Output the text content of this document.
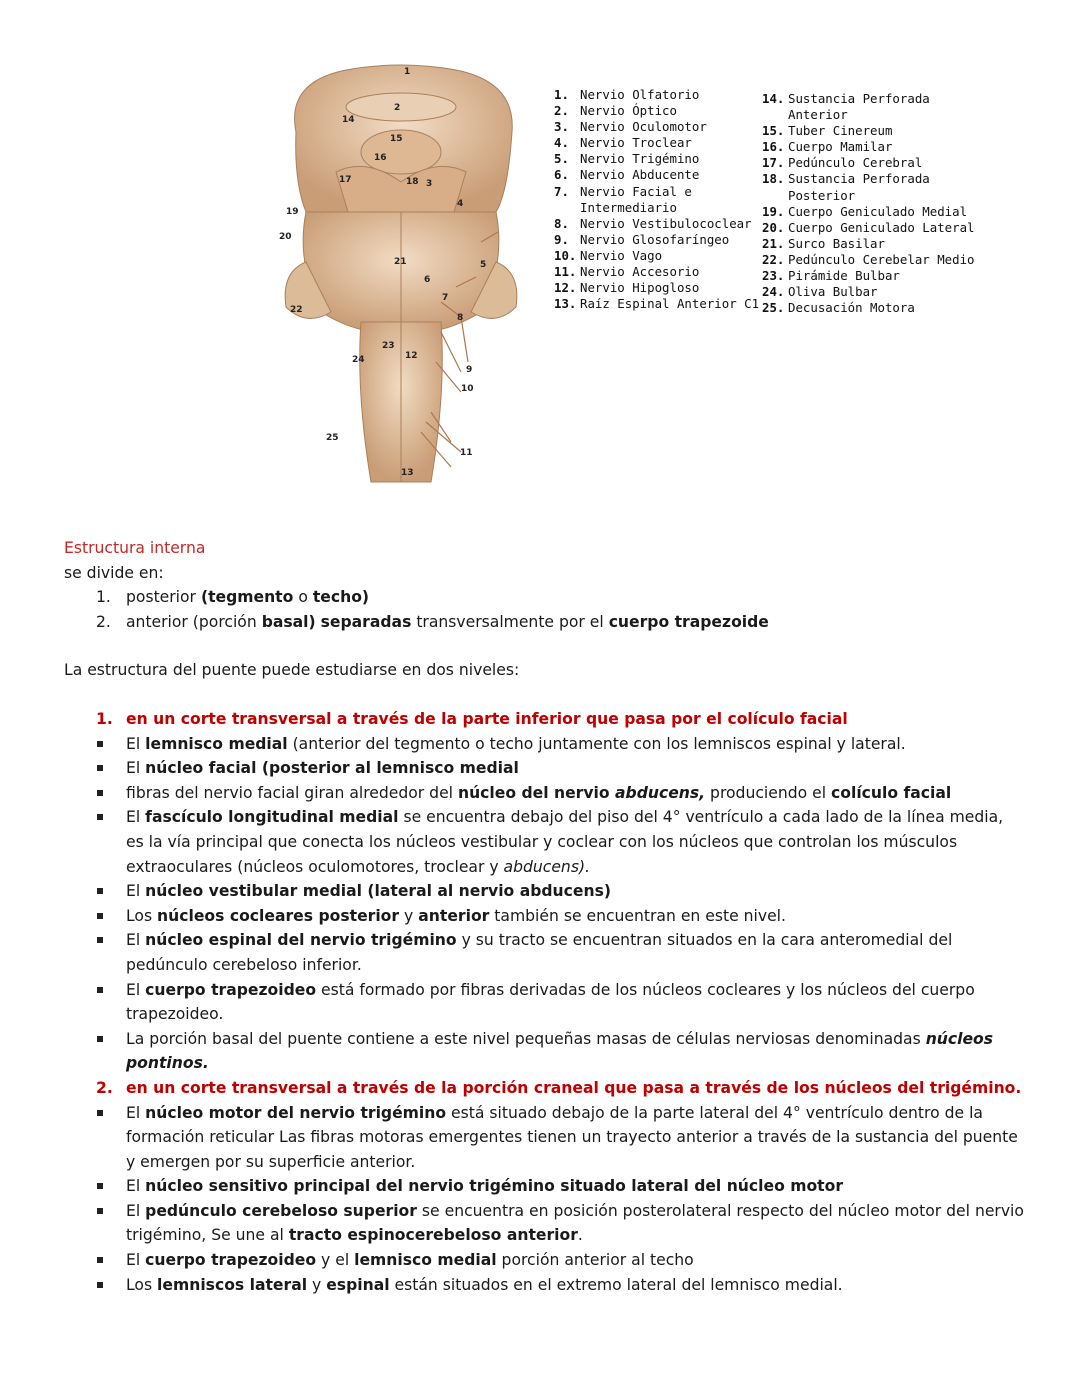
1
2
3
4
5
6
7
8
9
10
11
12
13
14
15
16
17	18
19
20
21
22
23
24
25
1. Nervio Olfatorio
2. Nervio Óptico
3. Nervio Oculomotor
4. Nervio Troclear
5. Nervio Trigémino
6. Nervio Abducente
7. Nervio Facial e
Intermediario
8. Nervio Vestibulococlear
9. Nervio Glosofaríngeo
10. Nervio Vago
11. Nervio Accesorio
12. Nervio Hipogloso
13. Raíz Espinal Anterior C1
14. Sustancia Perforada
Anterior
15. Tuber Cinereum
16. Cuerpo Mamilar
17. Pedúnculo Cerebral
18. Sustancia Perforada
Posterior
19. Cuerpo Geniculado Medial
20. Cuerpo Geniculado Lateral
21. Surco Basilar
22. Pedúnculo Cerebelar Medio
23. Pirámide Bulbar
24. Oliva Bulbar
25. Decusación Motora
Estructura interna
se divide en:
1. posterior (tegmento o techo)
2. anterior (porción basal) separadas transversalmente por el cuerpo trapezoide
La estructura del puente puede estudiarse en dos niveles:
1. en un corte transversal a través de la parte inferior que pasa por el colículo facial
El lemnisco medial (anterior del tegmento o techo juntamente con los lemniscos espinal y lateral.
El núcleo facial (posterior al lemnisco medial
fibras del nervio facial giran alrededor del núcleo del nervio abducens, produciendo el colículo facial
El fascículo longitudinal medial se encuentra debajo del piso del 4° ventrículo a cada lado de la línea media, es la vía principal que conecta los núcleos vestibular y coclear con los núcleos que controlan los músculos extraoculares (núcleos oculomotores, troclear y abducens).
El núcleo vestibular medial (lateral al nervio abducens)
Los núcleos cocleares posterior y anterior también se encuentran en este nivel.
El núcleo espinal del nervio trigémino y su tracto se encuentran situados en la cara anteromedial del pedúnculo cerebeloso inferior.
El cuerpo trapezoideo está formado por fibras derivadas de los núcleos cocleares y los núcleos del cuerpo trapezoideo.
La porción basal del puente contiene a este nivel pequeñas masas de células nerviosas denominadas núcleos pontinos.
2. en un corte transversal a través de la porción craneal que pasa a través de los núcleos del trigémino.
El núcleo motor del nervio trigémino está situado debajo de la parte lateral del 4° ventrículo dentro de la formación reticular Las fibras motoras emergentes tienen un trayecto anterior a través de la sustancia del puente y emergen por su superficie anterior.
El núcleo sensitivo principal del nervio trigémino situado lateral del núcleo motor
El pedúnculo cerebeloso superior se encuentra en posición posterolateral respecto del núcleo motor del nervio trigémino, Se une al tracto espinocerebeloso anterior.
El cuerpo trapezoideo y el lemnisco medial porción anterior al techo
Los lemniscos lateral y espinal están situados en el extremo lateral del lemnisco medial.
